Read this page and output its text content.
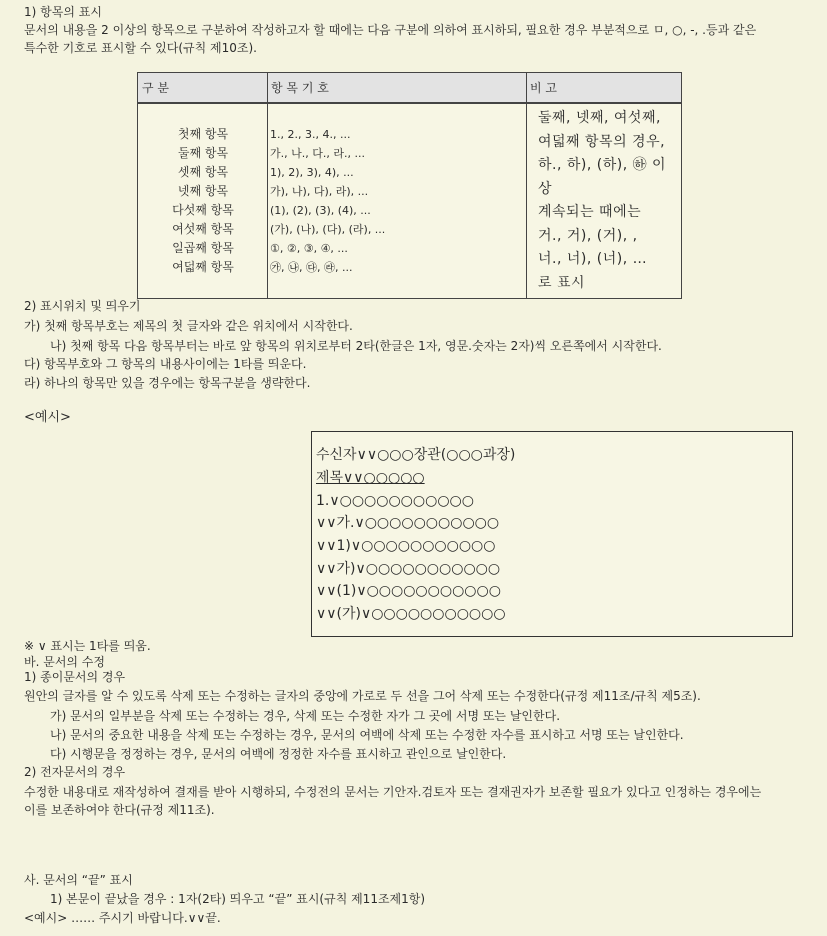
1) 항목의 표시
문서의 내용을 2 이상의 항목으로 구분하여 작성하고자 할 때에는 다음 구분에 의하여 표시하되, 필요한 경우 부분적으로 ㅁ, ○, -, .등과 같은
특수한 기호로 표시할 수 있다(규칙 제10조).
구 분	항 목 기 호	비 고
첫째 항목
둘째 항목
셋째 항목
넷째 항목
다섯째 항목
여섯째 항목
일곱째 항목
여덟째 항목
1., 2., 3., 4., ...
가., 나., 다., 라., ...
1), 2), 3), 4), ...
가), 나), 다), 라), ...
(1), (2), (3), (4), ...
(가), (나), (다), (라), ...
①, ②, ③, ④, ...
㉮, ㉯, ㉰, ㉱, ...
둘째, 넷째, 여섯째,
여덟째 항목의 경우,
하., 하), (하), ㉻ 이
상
계속되는 때에는
거., 거), (거), ,
너., 너), (너), …
로 표시
2) 표시위치 및 띄우기
가) 첫째 항목부호는 제목의 첫 글자와 같은 위치에서 시작한다.
나) 첫째 항목 다음 항목부터는 바로 앞 항목의 위치로부터 2타(한글은 1자, 영문.숫자는 2자)씩 오른쪽에서 시작한다.
다) 항목부호와 그 항목의 내용사이에는 1타를 띄운다.
라) 하나의 항목만 있을 경우에는 항목구분을 생략한다.
<예시>
수신자∨∨○○○장관(○○○과장)
제목∨∨○○○○○
1.∨○○○○○○○○○○○
∨∨가.∨○○○○○○○○○○○
∨∨1)∨○○○○○○○○○○○
∨∨가)∨○○○○○○○○○○○
∨∨(1)∨○○○○○○○○○○○
∨∨(가)∨○○○○○○○○○○○
※ ∨ 표시는 1타를 띄움.
바. 문서의 수정
1) 종이문서의 경우
원안의 글자를 알 수 있도록 삭제 또는 수정하는 글자의 중앙에 가로로 두 선을 그어 삭제 또는 수정한다(규정 제11조/규칙 제5조).
가) 문서의 일부분을 삭제 또는 수정하는 경우, 삭제 또는 수정한 자가 그 곳에 서명 또는 날인한다.
나) 문서의 중요한 내용을 삭제 또는 수정하는 경우, 문서의 여백에 삭제 또는 수정한 자수를 표시하고 서명 또는 날인한다.
다) 시행문을 정정하는 경우, 문서의 여백에 정정한 자수를 표시하고 관인으로 날인한다.
2) 전자문서의 경우
수정한 내용대로 재작성하여 결재를 받아 시행하되, 수정전의 문서는 기안자.검토자 또는 결재권자가 보존할 필요가 있다고 인정하는 경우에는
이를 보존하여야 한다(규정 제11조).
사. 문서의 “끝” 표시
1) 본문이 끝났을 경우 : 1자(2타) 띄우고 “끝” 표시(규칙 제11조제1항)
<예시> …… 주시기 바랍니다.∨∨끝.
